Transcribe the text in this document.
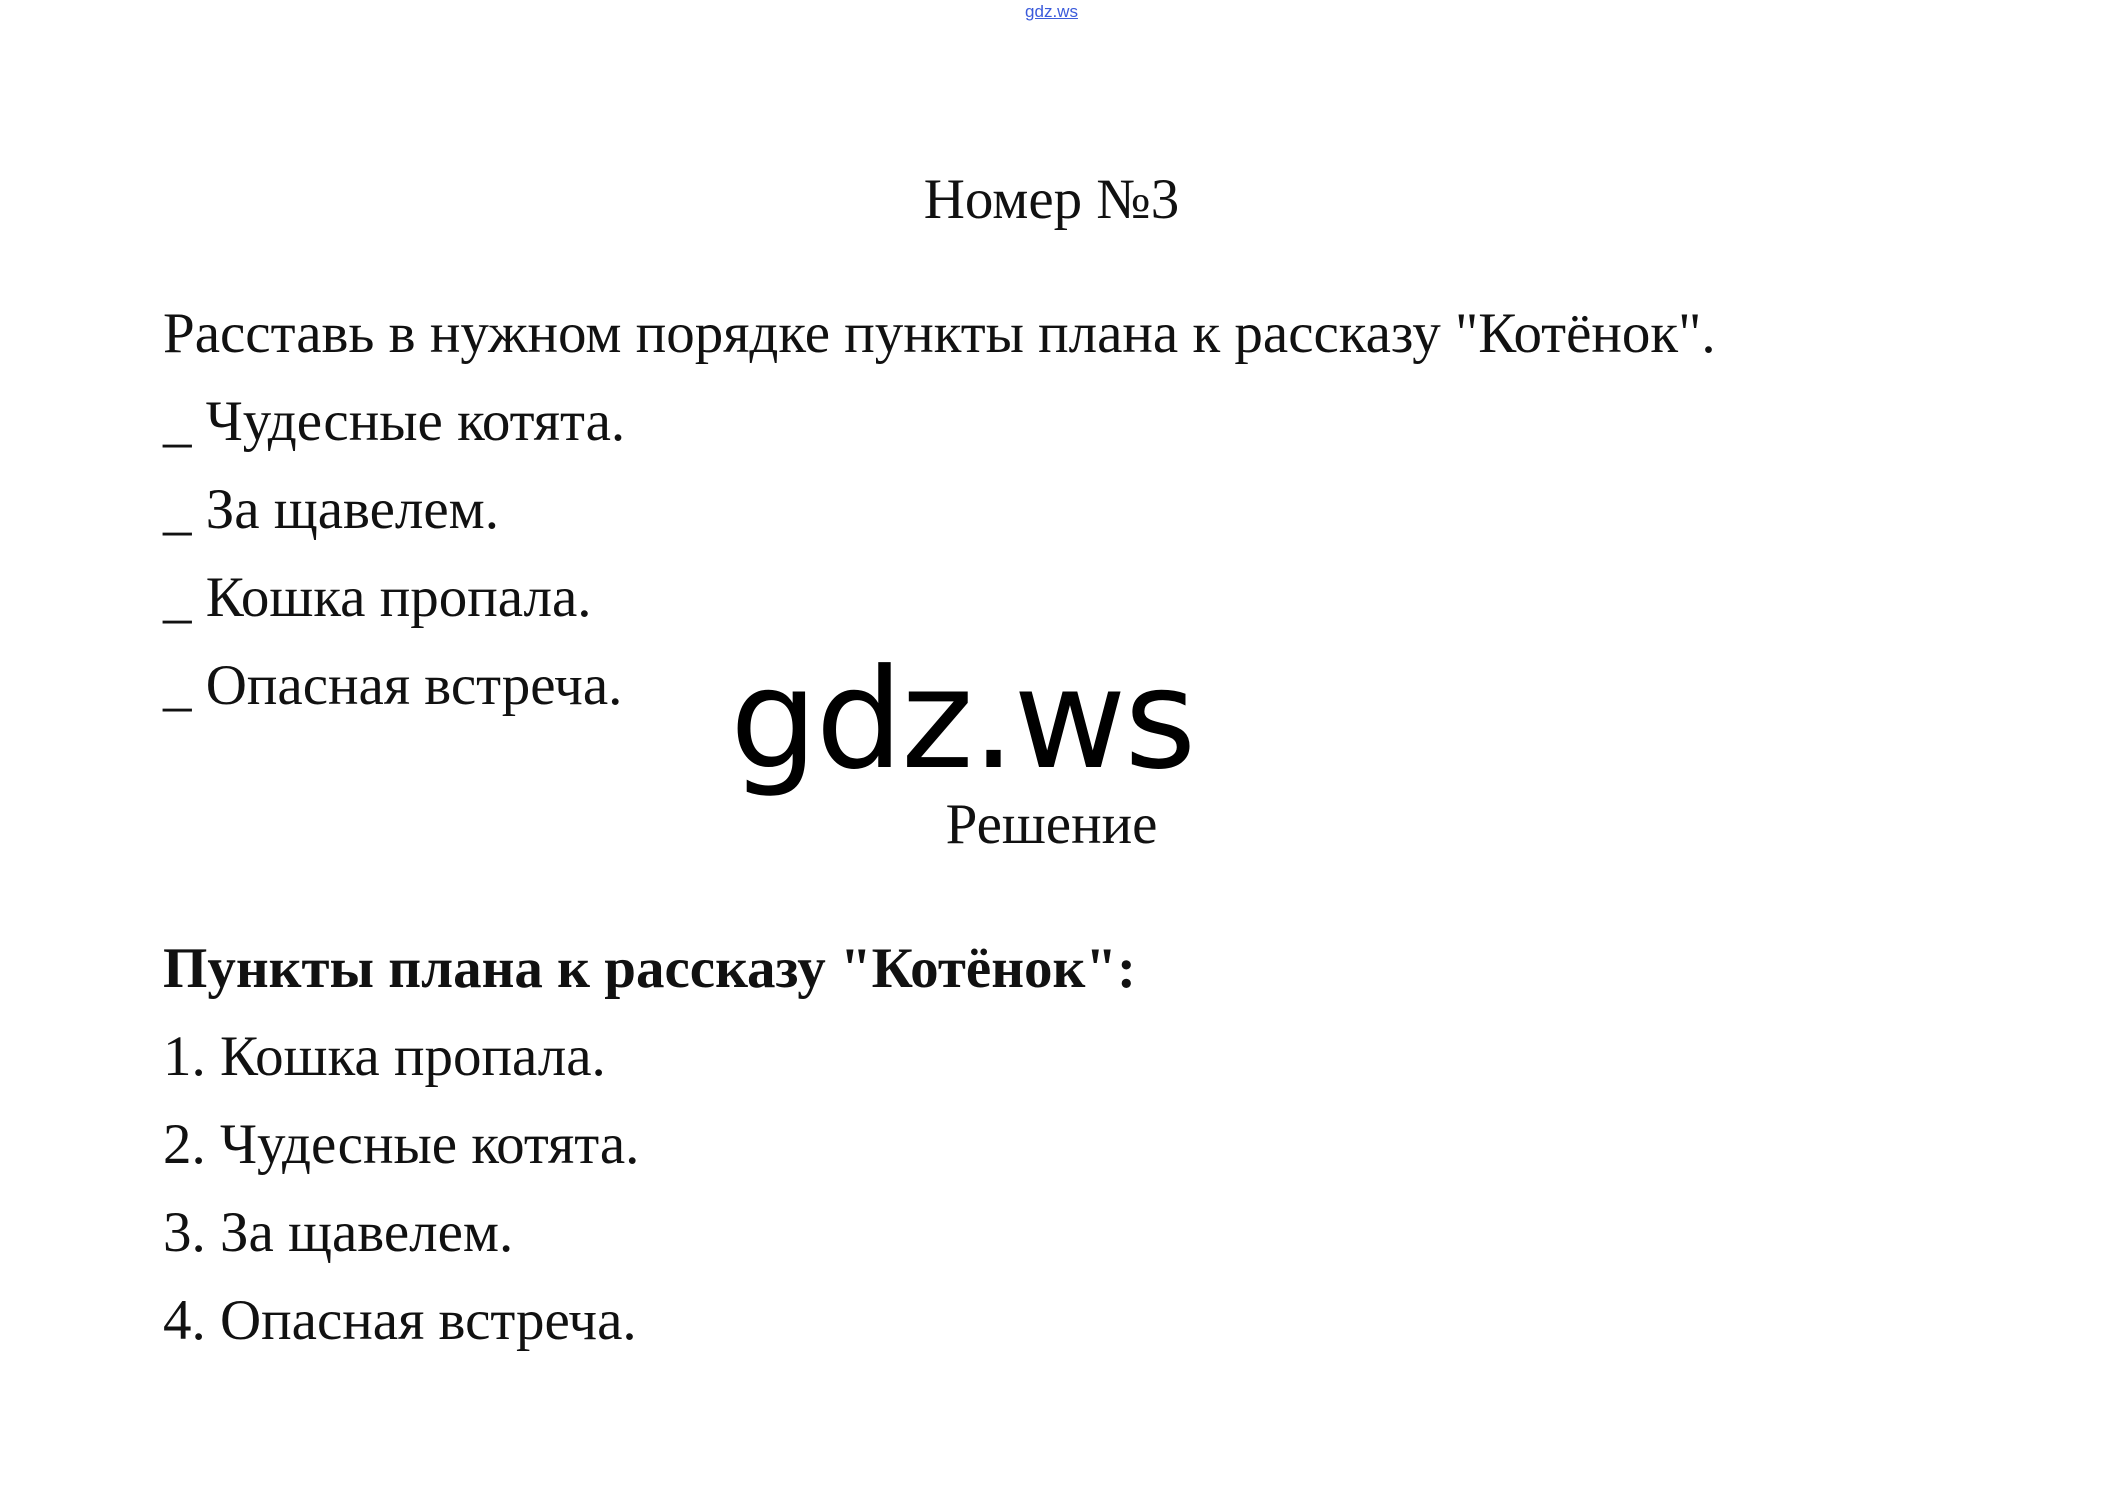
gdz.ws
Номер №3
Расставь в нужном порядке пункты плана к рассказу "Котёнок".
_ Чудесные котята.
_ За щавелем.
_ Кошка пропала.
_ Опасная встреча. gdz.ws
Решение
Пункты плана к рассказу "Котёнок":
1. Кошка пропала.
2. Чудесные котята.
3. За щавелем.
4. Опасная встреча.
